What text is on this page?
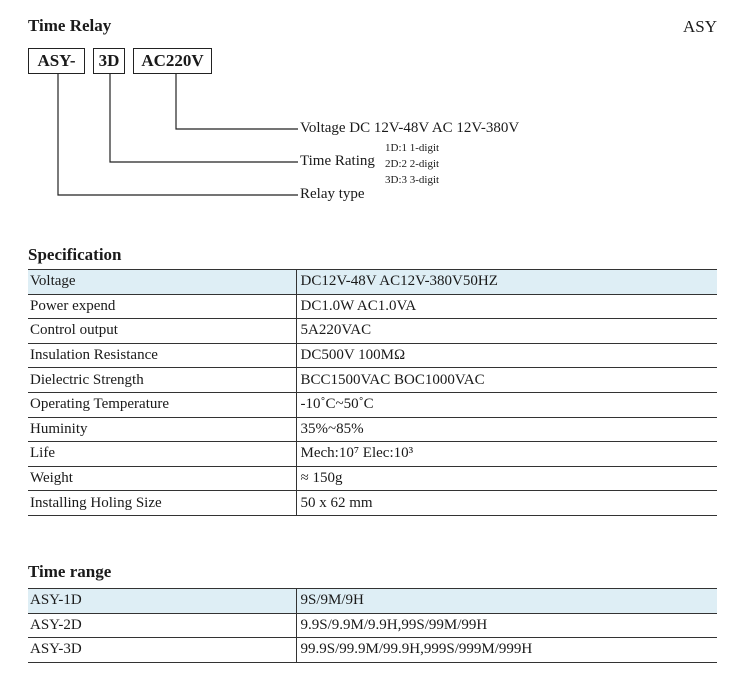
Time Relay	ASY
ASY-	3D	AC220V
Voltage DC 12V-48V AC 12V-380V
Time Rating
Relay type
1D:1 1-digit
2D:2 2-digit
3D:3 3-digit
Specification
Voltage	DC12V-48V AC12V-380V50HZ
Power expend	DC1.0W AC1.0VA
Control output	5A220VAC
Insulation Resistance	DC500V 100MΩ
Dielectric Strength	BCC1500VAC BOC1000VAC
Operating Temperature	-10˚C~50˚C
Huminity	35%~85%
Life	Mech:10⁷ Elec:10³
Weight	≈ 150g
Installing Holing Size	50 x 62 mm
Time range
ASY-1D	9S/9M/9H
ASY-2D	9.9S/9.9M/9.9H,99S/99M/99H
ASY-3D	99.9S/99.9M/99.9H,999S/999M/999H
